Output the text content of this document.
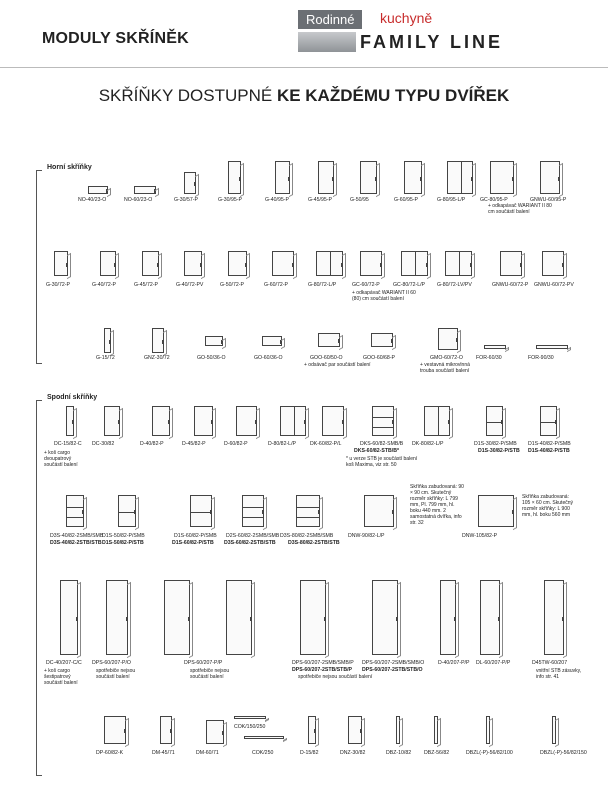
MODULY SKŘÍNĚK
Rodinné	kuchyně
FAMILY LINE
SKŘÍŇKY DOSTUPNÉ KE KAŽDÉMU TYPU DVÍŘEK
Horní skříňky
Spodní skříňky
NO-40/23-O	NO-60/23-O	G-30/57-P	G-30/95-P	G-40/95-P	G-45/95-P	G-50/95	G-60/95-P	G-80/95-L/P	GC-80/95-P	GNWU-60/95-P
+ odkapávač WARIANT II 80 cm součástí balení
G-30/72-P	G-40/72-P	G-45/72-P	G-40/72-PV	G-50/72-P	G-60/72-P	G-80/72-L/P	GC-60/72-P	GC-80/72-L/P G-80/72-LV/PV	GNWU-60/72-P GNWU-60/72-PV
+ odkapávač WARIANT II 60 (80) cm součástí balení
G-15/72	GNZ-30/72	GO-50/36-O	GO-60/36-O	GOO-60/50-O	GOO-60/68-P	GMO-60/72-O	FOR-60/30	FOR-90/30
+ odsávač par součástí balení	+ vestavná mikrovlnná trouba součástí balení
DC-15/82-C DC-30/82	D-40/82-P	D-45/82-P	D-60/82-P	D-80/82-L/P	DK-60/82-P/L	DKS-60/82-SMB/B DK-80/82-L/P	D1S-30/82-P/SMB D1S-40/82-P/SMB
DKS-60/82-STB/B*	D1S-30/82-P/STB D1S-40/82-P/STB
+ koš cargo dvoupatrový součástí balení
* u verze STB je součástí balení koš Maxima, viz str. 50
D3S-40/82-2SMB/SMB
D1S-50/82-P/SMB	D1S-60/82-P/SMB D2S-60/82-2SMB/SMB D3S-80/82-2SMB/SMB	DNW-90/82-L/P	DNW-105/82-P
D3S-40/82-2STB/STB D1S-50/82-P/STB	D1S-60/82-P/STB D3S-60/82-2STB/STB D3S-80/82-2STB/STB
Skříňka zabudovaná: 90 × 90 cm. Skutečný rozměr skříňky: L 799 mm, Pl. 799 mm, hl. boku 440 mm. 2 samostatná dvířka, info str. 32
Skříňka zabudovaná: 105 × 60 cm. Skutečný rozměr skříňky: L 900 mm, hl. boku 560 mm
DC-40/207-C/C DPS-60/207-P/O	DPS-60/207-P/P	DPS-60/207-2SMB/SMB/P DPS-60/207-2SMB/SMB/O	D-40/207-P/P DL-60/207-P/P	D45TW-60/207
DPS-60/207-2STB/STB/P DPS-60/207-2STB/STB/O
+ koš cargo šestipatrový součástí balení
spotřebiče nejsou součástí balení
spotřebiče nejsou součástí balení	spotřebiče nejsou součástí balení
vnitřní STB zásuvky, info str. 41
DP-60/82-K	DM-45/71	DM-60/71
COK/150/250
COK/250	D-15/82	DNZ-30/82	DBZ-10/82 DBZ-56/82	DBZL(-P)-56/82/100	DBZL(-P)-56/82/150
